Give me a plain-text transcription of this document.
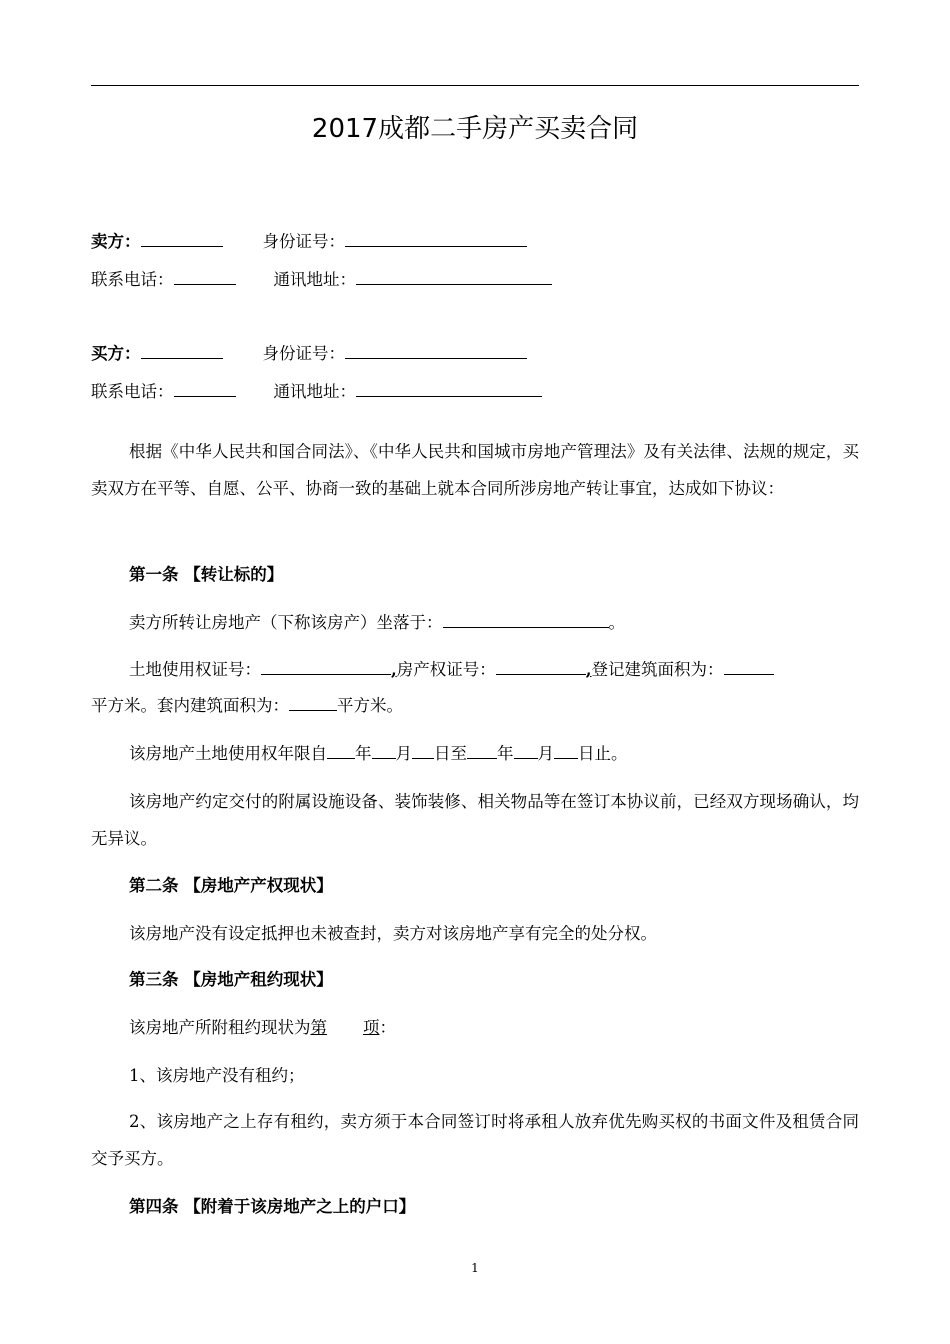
2017成都二手房产买卖合同
卖方：	身份证号：
联系电话：	通讯地址：
买方：	身份证号：
联系电话：	通讯地址：
根据《中华人民共和国合同法》、《中华人民共和国城市房地产管理法》及有关法律、法规的规定，买卖双方在平等、自愿、公平、协商一致的基础上就本合同所涉房地产转让事宜，达成如下协议：
第一条 【转让标的】
卖方所转让房地产（下称该房产）坐落于：	。
土地使用权证号：	,房产权证号：	,登记建筑面积为：
平方米。套内建筑面积为：	平方米。
该房地产土地使用权年限自 年 月 日至 年 月 日止。
该房地产约定交付的附属设施设备、装饰装修、相关物品等在签订本协议前，已经双方现场确认，均无异议。
第二条 【房地产产权现状】
该房地产没有设定抵押也未被查封，卖方对该房地产享有完全的处分权。
第三条 【房地产租约现状】
该房地产所附租约现状为第 项：
1、该房地产没有租约；
2、该房地产之上存有租约，卖方须于本合同签订时将承租人放弃优先购买权的书面文件及租赁合同交予买方。
第四条 【附着于该房地产之上的户口】
1
